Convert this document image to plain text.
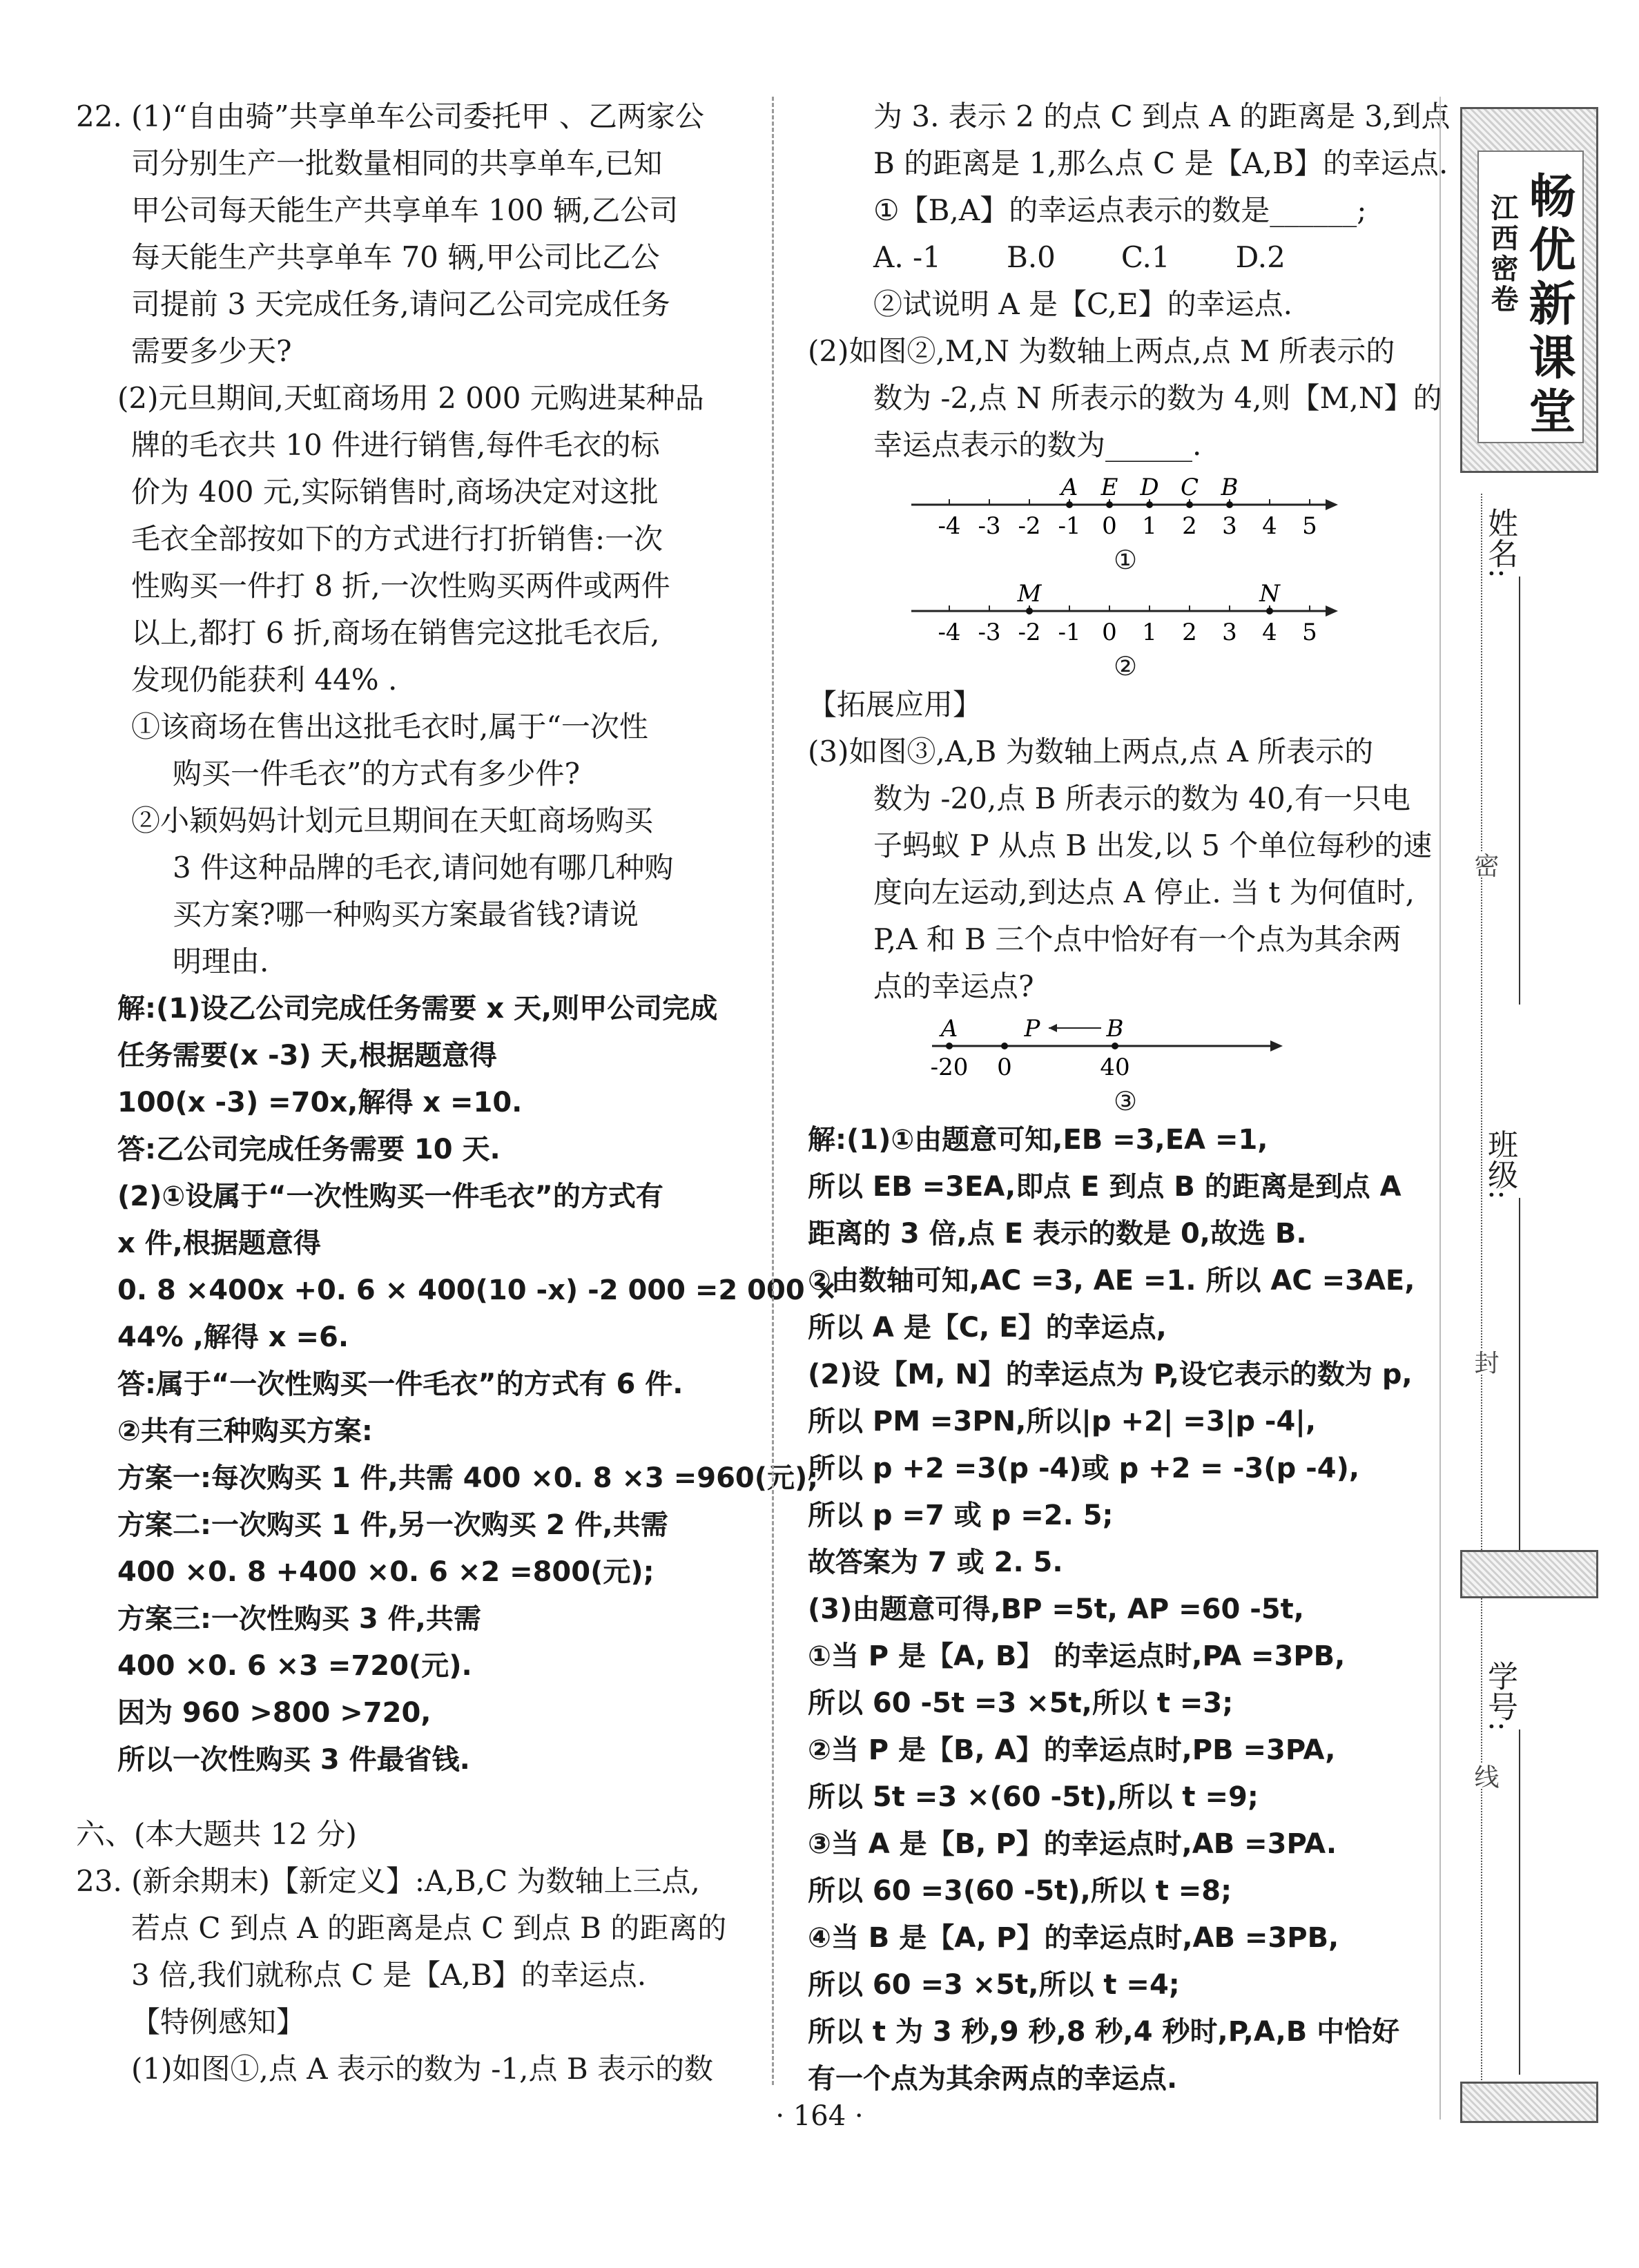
22. (1)“自由骑”共享单车公司委托甲 、乙两家公
司分别生产一批数量相同的共享单车,已知
甲公司每天能生产共享单车 100 辆,乙公司
每天能生产共享单车 70 辆,甲公司比乙公
司提前 3 天完成任务,请问乙公司完成任务
需要多少天?
(2)元旦期间,天虹商场用 2 000 元购进某种品
牌的毛衣共 10 件进行销售,每件毛衣的标
价为 400 元,实际销售时,商场决定对这批
毛衣全部按如下的方式进行打折销售:一次
性购买一件打 8 折,一次性购买两件或两件
以上,都打 6 折,商场在销售完这批毛衣后,
发现仍能获利 44% .
①该商场在售出这批毛衣时,属于“一次性
购买一件毛衣”的方式有多少件?
②小颖妈妈计划元旦期间在天虹商场购买
3 件这种品牌的毛衣,请问她有哪几种购
买方案?哪一种购买方案最省钱?请说
明理由.
解:(1)设乙公司完成任务需要 x 天,则甲公司完成
任务需要(x -3) 天,根据题意得
100(x -3) =70x,解得 x =10.
答:乙公司完成任务需要 10 天.
(2)①设属于“一次性购买一件毛衣”的方式有
x 件,根据题意得
0. 8 ×400x +0. 6 × 400(10 -x) -2 000 =2 000 ×
44% ,解得 x =6.
答:属于“一次性购买一件毛衣”的方式有 6 件.
②共有三种购买方案:
方案一:每次购买 1 件,共需 400 ×0. 8 ×3 =960(元);
方案二:一次购买 1 件,另一次购买 2 件,共需
400 ×0. 8 +400 ×0. 6 ×2 =800(元);
方案三:一次性购买 3 件,共需
400 ×0. 6 ×3 =720(元).
因为 960 >800 >720,
所以一次性购买 3 件最省钱.
六、(本大题共 12 分)
23. (新余期末)【新定义】:A,B,C 为数轴上三点,
若点 C 到点 A 的距离是点 C 到点 B 的距离的
3 倍,我们就称点 C 是【A,B】的幸运点.
【特例感知】
(1)如图①,点 A 表示的数为 -1,点 B 表示的数
为 3. 表示 2 的点 C 到点 A 的距离是 3,到点
B 的距离是 1,那么点 C 是【A,B】的幸运点.
①【B,A】的幸运点表示的数是______;
A. -1 B.0 C.1 D.2
②试说明 A 是【C,E】的幸运点.
(2)如图②,M,N 为数轴上两点,点 M 所表示的
数为 -2,点 N 所表示的数为 4,则【M,N】的
幸运点表示的数为______.
-4 -3 -2 -1 0 1 2 3 4 5
A E D C B
①
-4 -3 -2 -1 0 1 2 3 4 5
M	N
②
【拓展应用】
(3)如图③,A,B 为数轴上两点,点 A 所表示的
数为 -20,点 B 所表示的数为 40,有一只电
子蚂蚁 P 从点 B 出发,以 5 个单位每秒的速
度向左运动,到达点 A 停止. 当 t 为何值时,
P,A 和 B 三个点中恰好有一个点为其余两
点的幸运点?
-20
A
0	40
B
P
③
解:(1)①由题意可知,EB =3,EA =1,
所以 EB =3EA,即点 E 到点 B 的距离是到点 A
距离的 3 倍,点 E 表示的数是 0,故选 B.
②由数轴可知,AC =3, AE =1. 所以 AC =3AE,
所以 A 是【C, E】的幸运点,
(2)设【M, N】的幸运点为 P,设它表示的数为 p,
所以 PM =3PN,所以|p +2| =3|p -4|,
所以 p +2 =3(p -4)或 p +2 = -3(p -4),
所以 p =7 或 p =2. 5;
故答案为 7 或 2. 5.
(3)由题意可得,BP =5t, AP =60 -5t,
①当 P 是【A, B】 的幸运点时,PA =3PB,
所以 60 -5t =3 ×5t,所以 t =3;
②当 P 是【B, A】的幸运点时,PB =3PA,
所以 5t =3 ×(60 -5t),所以 t =9;
③当 A 是【B, P】的幸运点时,AB =3PA.
所以 60 =3(60 -5t),所以 t =8;
④当 B 是【A, P】的幸运点时,AB =3PB,
所以 60 =3 ×5t,所以 t =4;
所以 t 为 3 秒,9 秒,8 秒,4 秒时,P,A,B 中恰好
有一个点为其余两点的幸运点.
· 164 ·
畅优新课堂
江西密卷
姓名:
班级:
学号:
密
封
线
